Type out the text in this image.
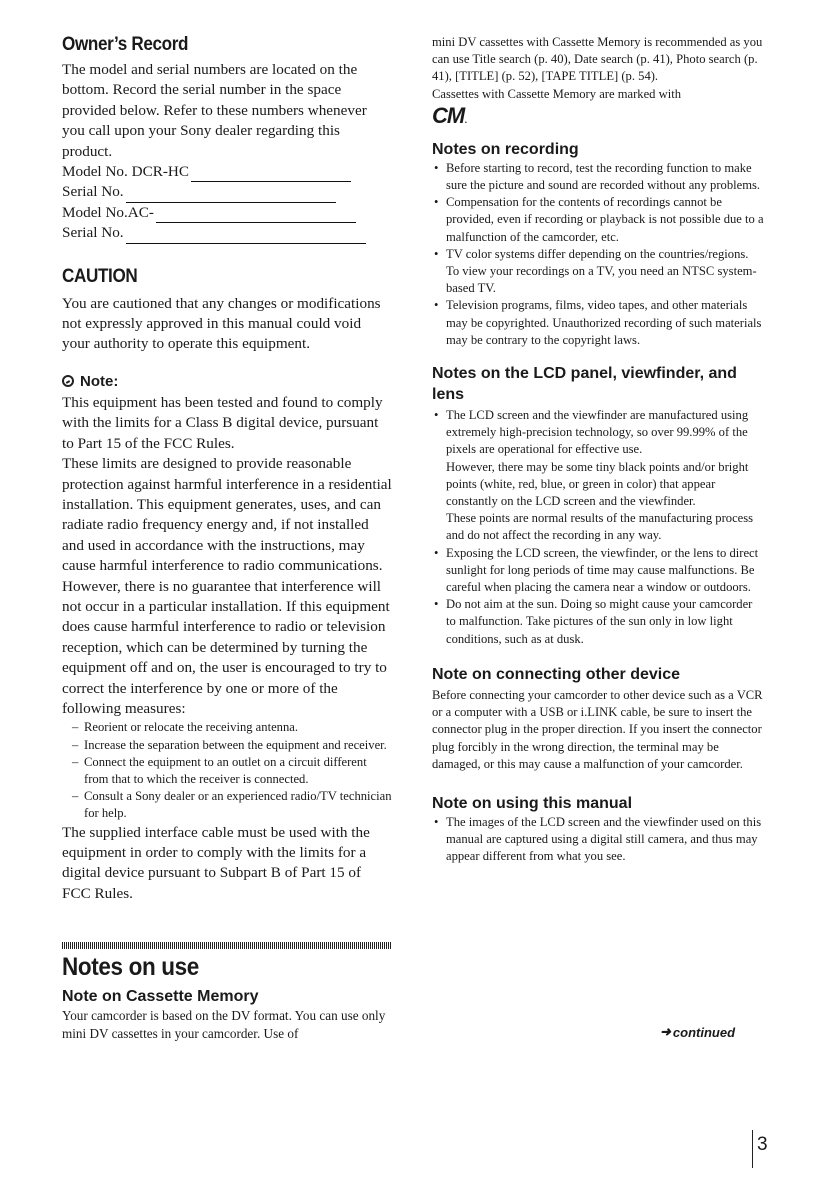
Owner’s Record

The model and serial numbers are located on the bottom. Record the serial number in the space provided below. Refer to these numbers whenever you call upon your Sony dealer regarding this product.

Model No. DCR-HC
Serial No.
Model No.AC-
Serial No.
CAUTION

You are cautioned that any changes or modifications not expressly approved in this manual could void your authority to operate this equipment.

Note:

This equipment has been tested and found to comply with the limits for a Class B digital device, pursuant to Part 15 of the FCC Rules.

These limits are designed to provide reasonable protection against harmful interference in a residential installation. This equipment generates, uses, and can radiate radio frequency energy and, if not installed and used in accordance with the instructions, may cause harmful interference to radio communications. However, there is no guarantee that interference will not occur in a particular installation. If this equipment does cause harmful interference to radio or television reception, which can be determined by turning the equipment off and on, the user is encouraged to try to correct the interference by one or more of the following measures:

– Reorient or relocate the receiving antenna.
– Increase the separation between the equipment and receiver.
– Connect the equipment to an outlet on a circuit different from that to which the receiver is connected.
– Consult a Sony dealer or an experienced radio/TV technician for help.

The supplied interface cable must be used with the equipment in order to comply with the limits for a digital device pursuant to Subpart B of Part 15 of FCC Rules.

Notes on use
Note on Cassette Memory

Your camcorder is based on the DV format. You can use only mini DV cassettes in your camcorder. Use of

mini DV cassettes with Cassette Memory is recommended as you can use Title search (p. 40), Date search (p. 41), Photo search (p. 41), [TITLE] (p. 52), [TAPE TITLE] (p. 54).

Cassettes with Cassette Memory are marked with

CM.
Notes on recording
• Before starting to record, test the recording function to make sure the picture and sound are recorded without any problems.
• Compensation for the contents of recordings cannot be provided, even if recording or playback is not possible due to a malfunction of the camcorder, etc.
• TV color systems differ depending on the countries/regions. To view your recordings on a TV, you need an NTSC system-based TV.
• Television programs, films, video tapes, and other materials may be copyrighted. Unauthorized recording of such materials may be contrary to the copyright laws.
Notes on the LCD panel, viewfinder, and lens
• The LCD screen and the viewfinder are manufactured using extremely high-precision technology, so over 99.99% of the pixels are operational for effective use.
However, there may be some tiny black points and/or bright points (white, red, blue, or green in color) that appear constantly on the LCD screen and the viewfinder.
These points are normal results of the manufacturing process and do not affect the recording in any way.
• Exposing the LCD screen, the viewfinder, or the lens to direct sunlight for long periods of time may cause malfunctions. Be careful when placing the camera near a window or outdoors.
• Do not aim at the sun. Doing so might cause your camcorder to malfunction. Take pictures of the sun only in low light conditions, such as at dusk.
Note on connecting other device

Before connecting your camcorder to other device such as a VCR or a computer with a USB or i.LINK cable, be sure to insert the connector plug in the proper direction. If you insert the connector plug forcibly in the wrong direction, the terminal may be damaged, or this may cause a malfunction of your camcorder.

Note on using this manual
• The images of the LCD screen and the viewfinder used on this manual are captured using a digital still camera, and thus may appear different from what you see.
➜ continued
3
